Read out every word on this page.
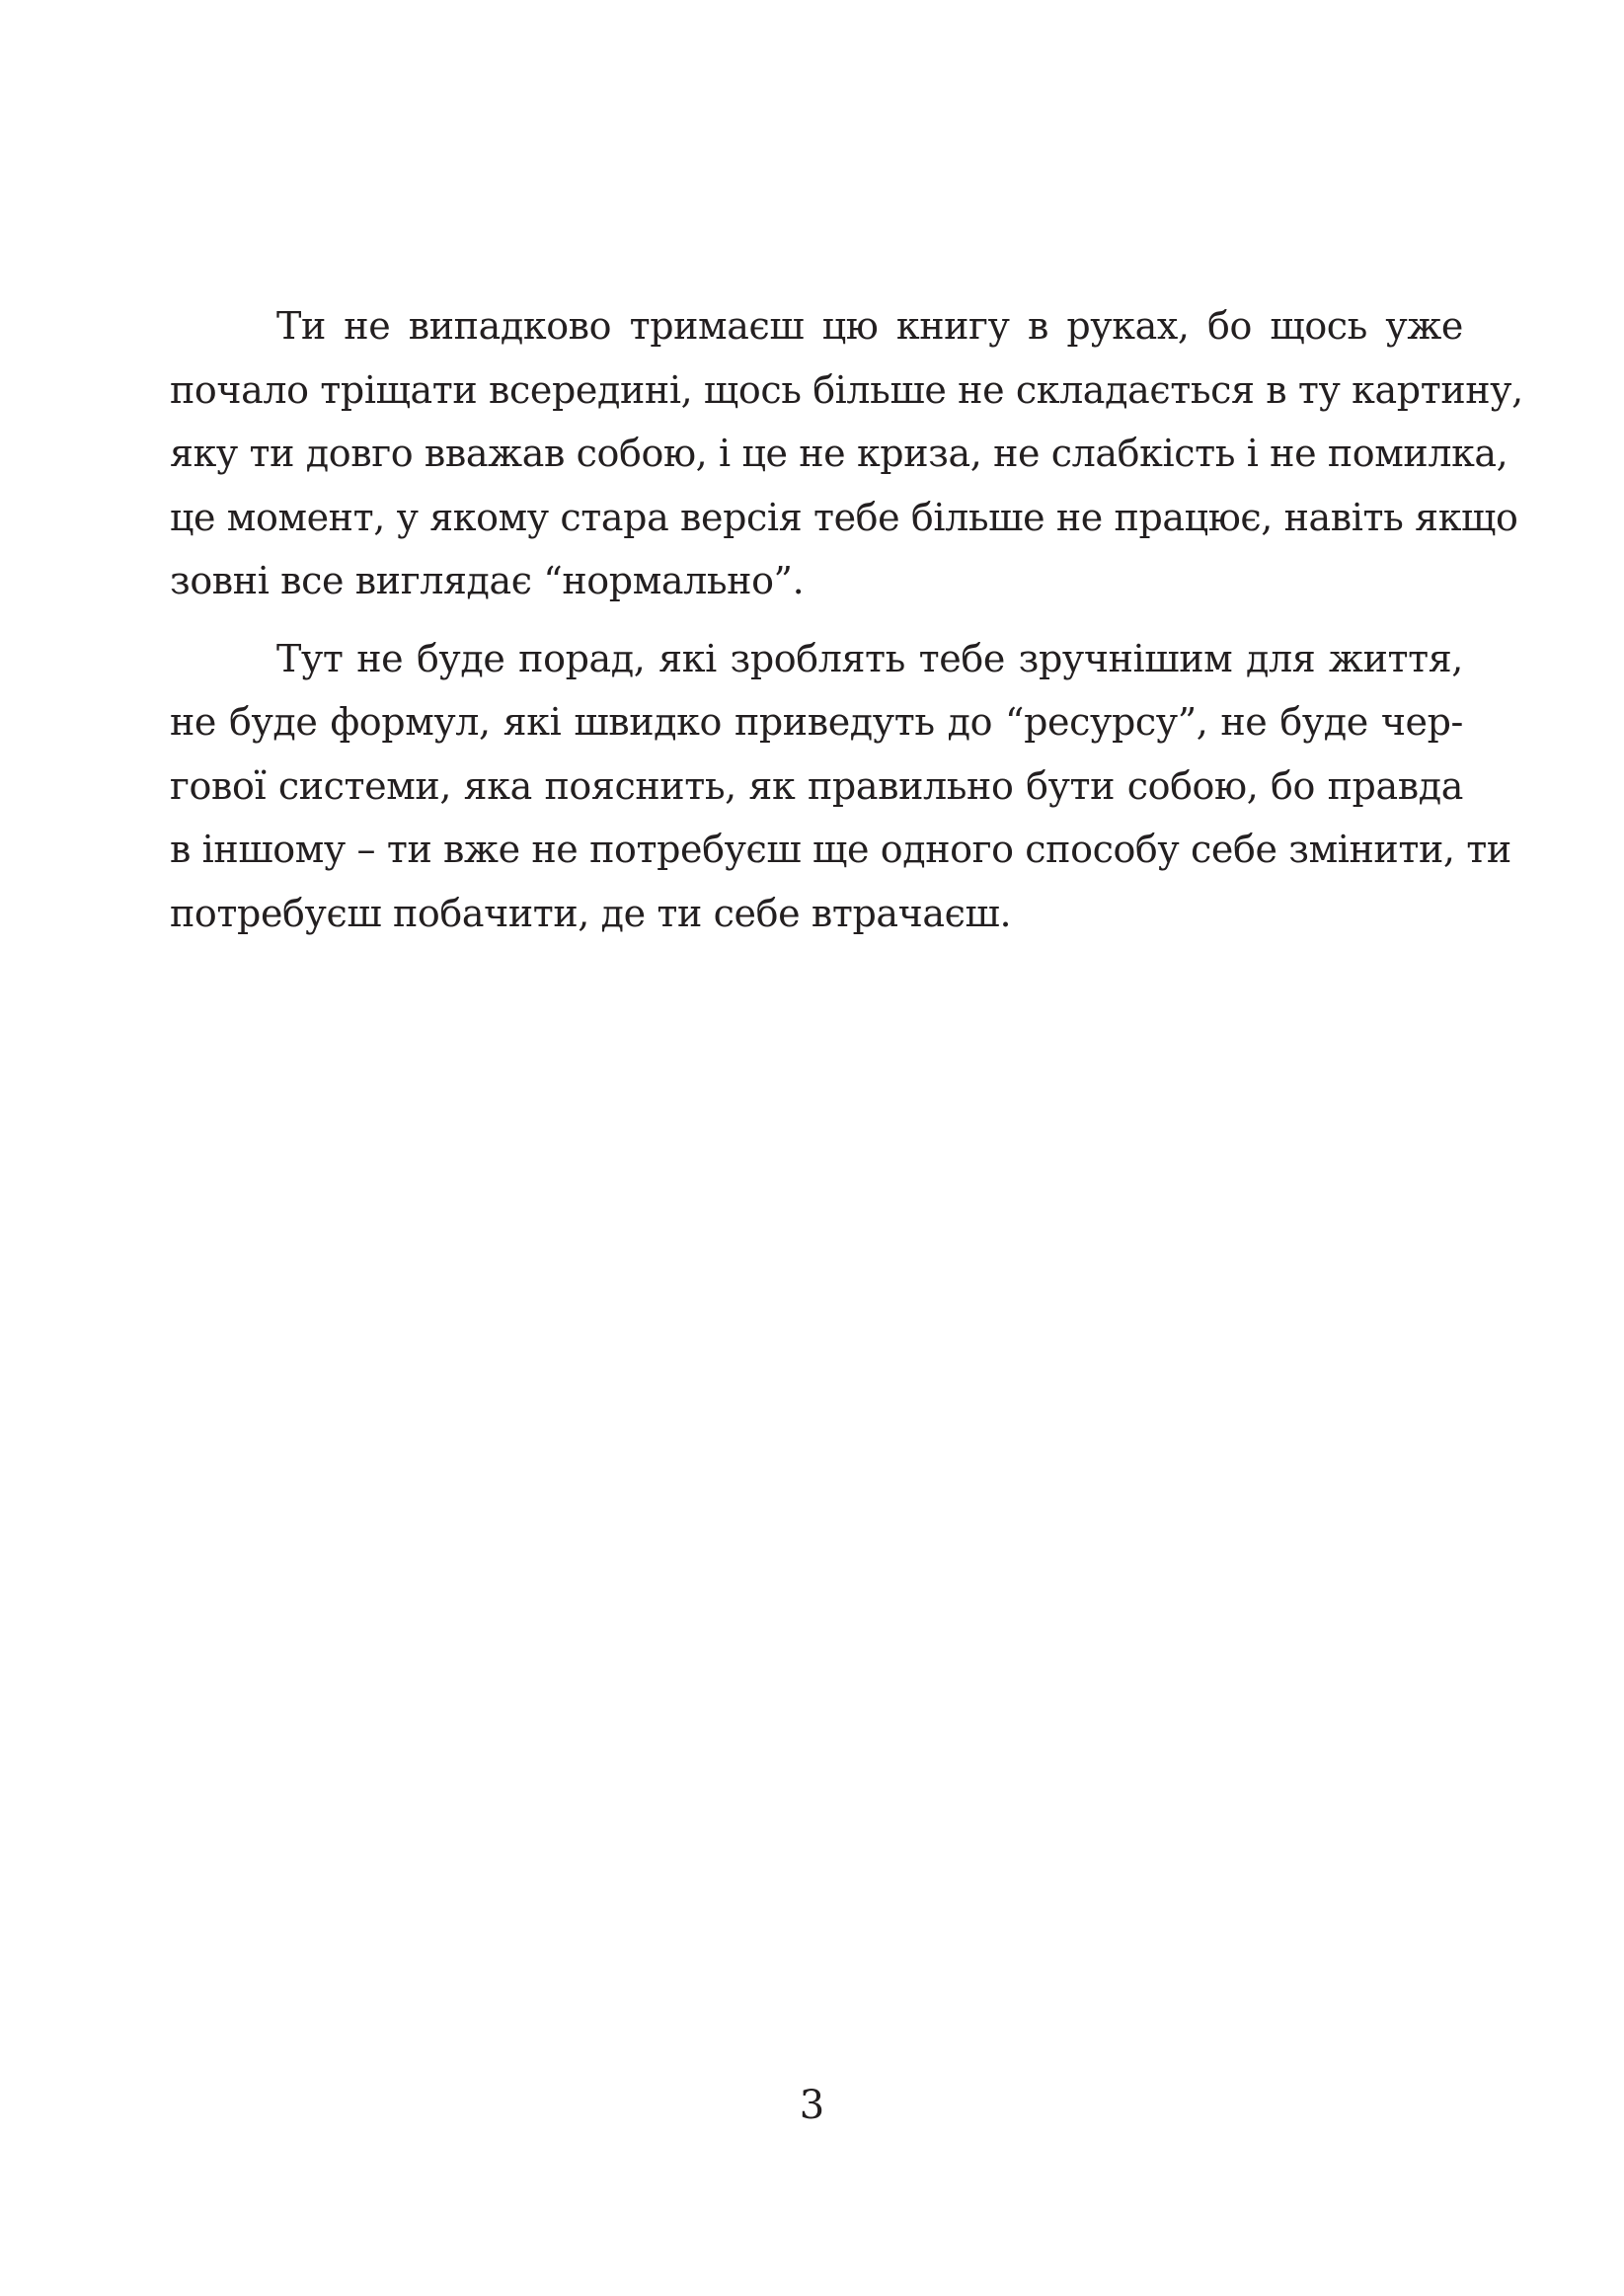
Ти не випадково тримаєш цю книгу в руках, бо щось уже
почало тріщати всередині, щось більше не складається в ту картину,
яку ти довго вважав собою, і це не криза, не слабкість і не помилка,
це момент, у якому стара версія тебе більше не працює, навіть якщо
зовні все виглядає “нормально”.

Тут не буде порад, які зроблять тебе зручнішим для життя,
не буде формул, які швидко приведуть до “ресурсу”, не буде чер-
гової системи, яка пояснить, як правильно бути собою, бо правда
в іншому – ти вже не потребуєш ще одного способу себе змінити, ти
потребуєш побачити, де ти себе втрачаєш.

3
